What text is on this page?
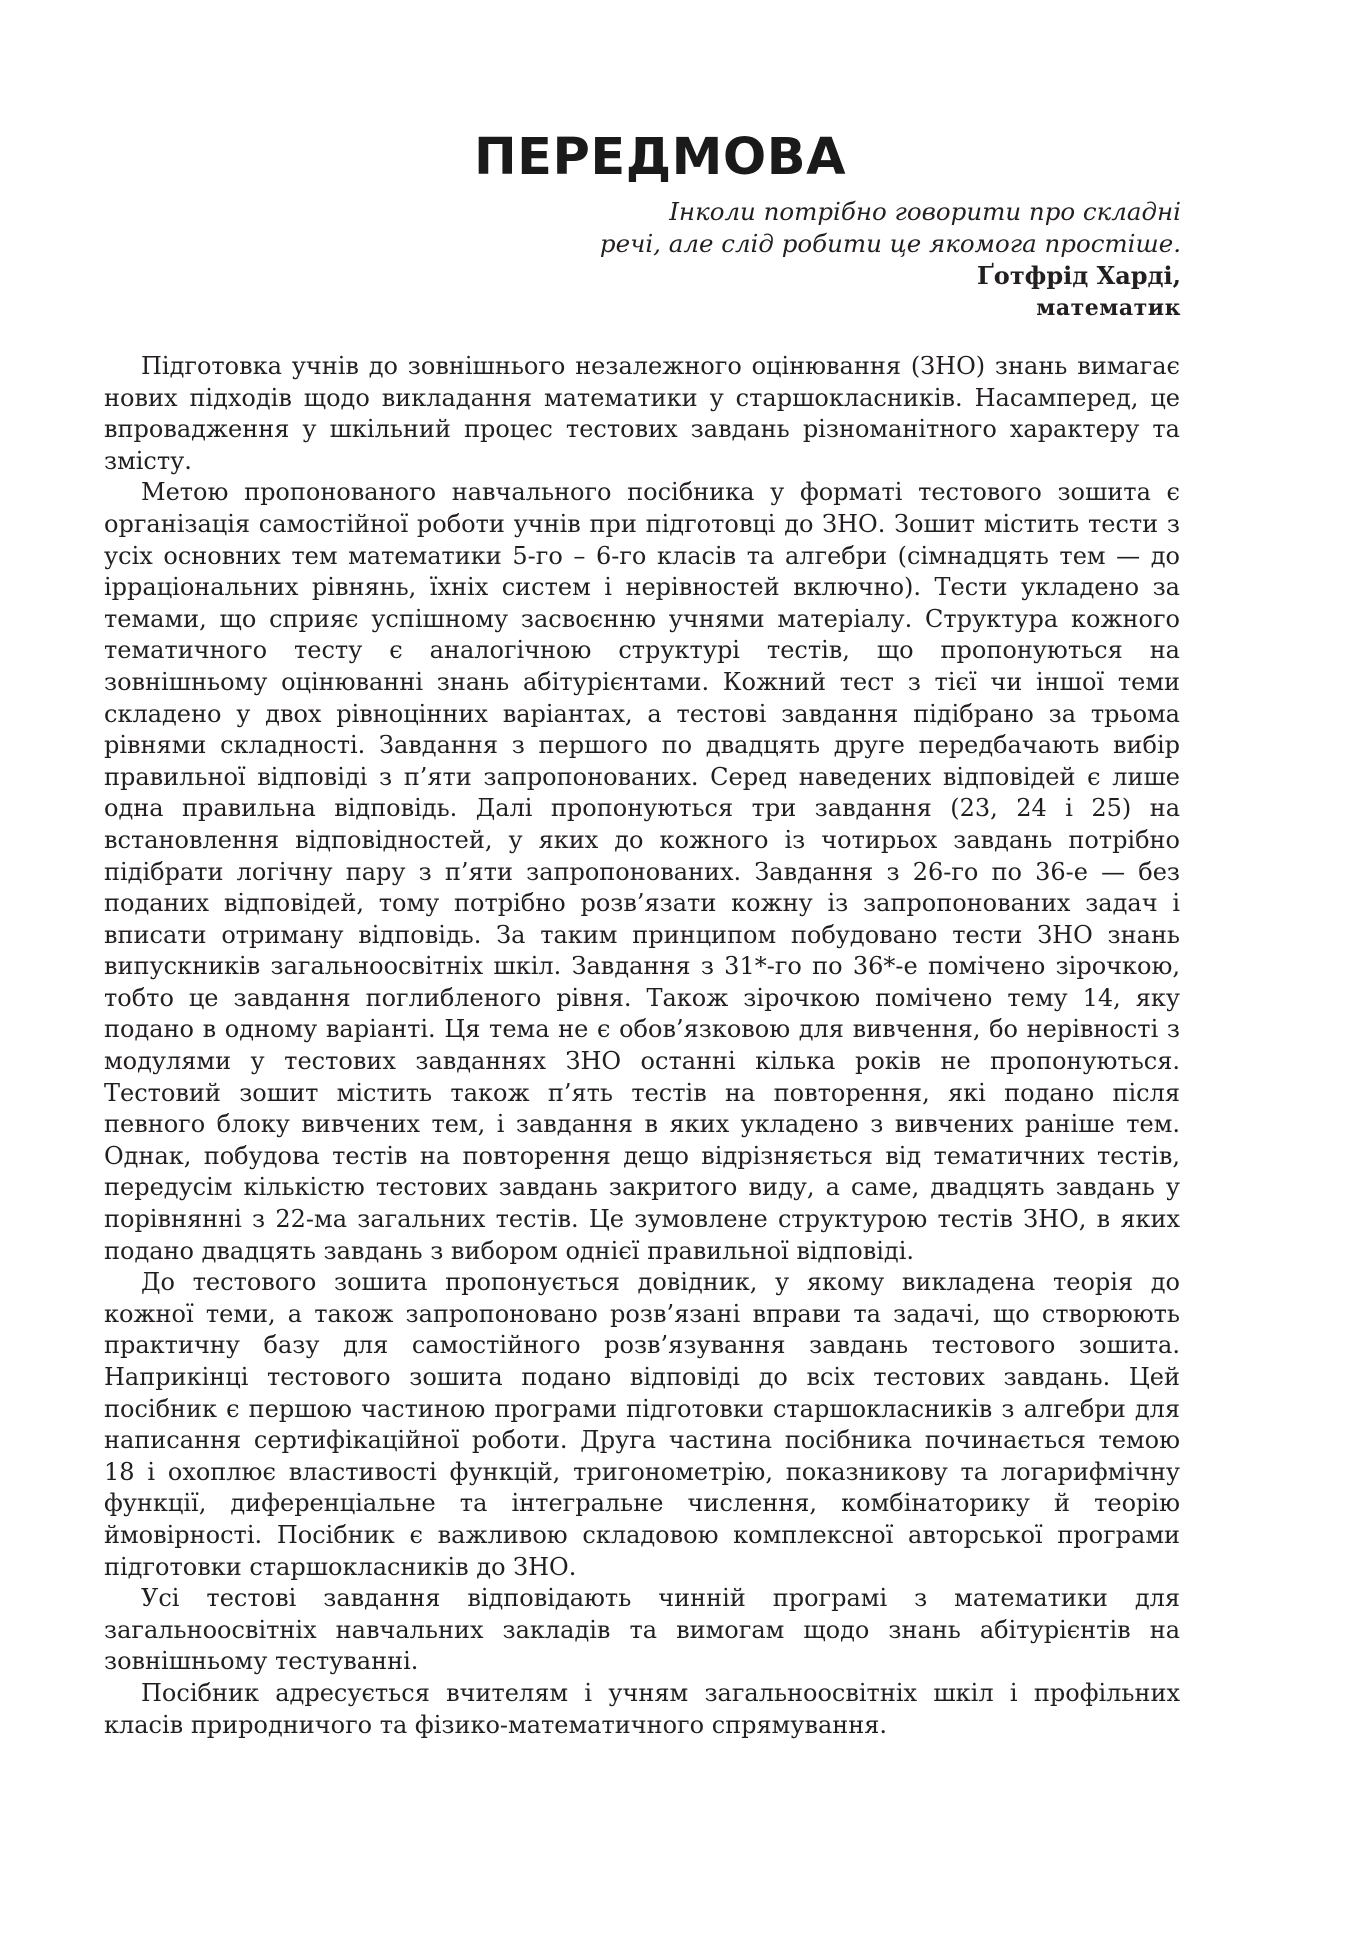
ПЕРЕДМОВА
Інколи потрібно говорити про складні
речі, але слід робити це якомога простіше.
Ґотфрід Харді,
математик

Підготовка учнів до зовнішнього незалежного оцінювання (ЗНО) знань вимагає нових підходів щодо викладання математики у старшокласників. Насамперед, це впровадження у шкільний процес тестових завдань різноманітного характеру та змісту.

Метою пропонованого навчального посібника у форматі тестового зошита є організація самостійної роботи учнів при підготовці до ЗНО. Зошит містить тести з усіх основних тем математики 5-го – 6-го класів та алгебри (сімнадцять тем — до ірраціональних рівнянь, їхніх систем і нерівностей включно). Тести укладено за темами, що сприяє успішному засвоєнню учнями матеріалу. Структура кожного тематичного тесту є аналогічною структурі тестів, що пропонуються на зовнішньому оцінюванні знань абітурієнтами. Кожний тест з тієї чи іншої теми складено у двох рівноцінних варіантах, а тестові завдання підібрано за трьома рівнями складності. Завдання з першого по двадцять друге передбачають вибір правильної відповіді з п’яти запропонованих. Серед наведених відповідей є лише одна правильна відповідь. Далі пропонуються три завдання (23, 24 і 25) на встановлення відповідностей, у яких до кожного із чотирьох завдань потрібно підібрати логічну пару з п’яти запропонованих. Завдання з 26-го по 36-е — без поданих відповідей, тому потрібно розв’язати кожну із запропонованих задач і вписати отриману відповідь. За таким принципом побудовано тести ЗНО знань випускників загальноосвітніх шкіл. Завдання з 31*-го по 36*-е помічено зірочкою, тобто це завдання поглибленого рівня. Також зірочкою помічено тему 14, яку подано в одному варіанті. Ця тема не є обов’язковою для вивчення, бо нерівності з модулями у тестових завданнях ЗНО останні кілька років не пропонуються. Тестовий зошит містить також п’ять тестів на повторення, які подано після певного блоку вивчених тем, і завдання в яких укладено з вивчених раніше тем. Однак, побудова тестів на повторення дещо відрізняється від тематичних тестів, передусім кількістю тестових завдань закритого виду, а саме, двадцять завдань у порівнянні з 22-ма загальних тестів. Це зумовлене структурою тестів ЗНО, в яких подано двадцять завдань з вибором однієї правильної відповіді.

До тестового зошита пропонується довідник, у якому викладена теорія до кожної теми, а також запропоновано розв’язані вправи та задачі, що створюють практичну базу для самостійного розв’язування завдань тестового зошита. Наприкінці тестового зошита подано відповіді до всіх тестових завдань. Цей посібник є першою частиною програми підготовки старшокласників з алгебри для написання сертифікаційної роботи. Друга частина посібника починається темою 18 і охоплює властивості функцій, тригонометрію, показникову та логарифмічну функції, диференціальне та інтегральне числення, комбінаторику й теорію ймовірності. Посібник є важливою складовою комплексної авторської програми підготовки старшокласників до ЗНО.

Усі тестові завдання відповідають чинній програмі з математики для загальноосвітніх навчальних закладів та вимогам щодо знань абітурієнтів на зовнішньому тестуванні.

Посібник адресується вчителям і учням загальноосвітніх шкіл і профільних класів природничого та фізико-математичного спрямування.
